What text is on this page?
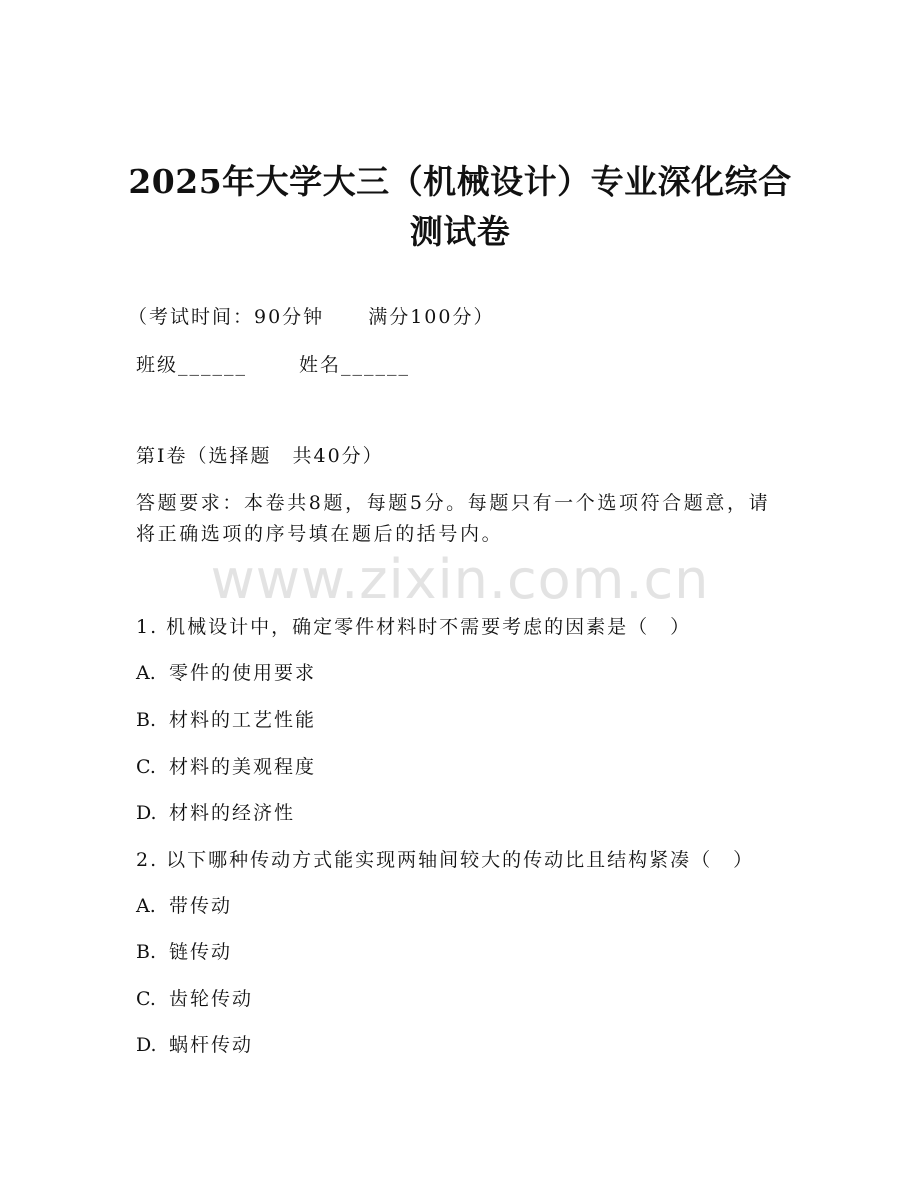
2025年大学大三（机械设计）专业深化综合
测试卷
（考试时间：90分钟 满分100分）
班级______	姓名______
第Ⅰ卷（选择题　共40分）
答题要求：本卷共8题，每题5分。每题只有一个选项符合题意，请
将正确选项的序号填在题后的括号内。
www.zixin.com.cn
1. 机械设计中，确定零件材料时不需要考虑的因素是（　）
A. 零件的使用要求
B. 材料的工艺性能
C. 材料的美观程度
D. 材料的经济性
2. 以下哪种传动方式能实现两轴间较大的传动比且结构紧凑（　）
A. 带传动
B. 链传动
C. 齿轮传动
D. 蜗杆传动
